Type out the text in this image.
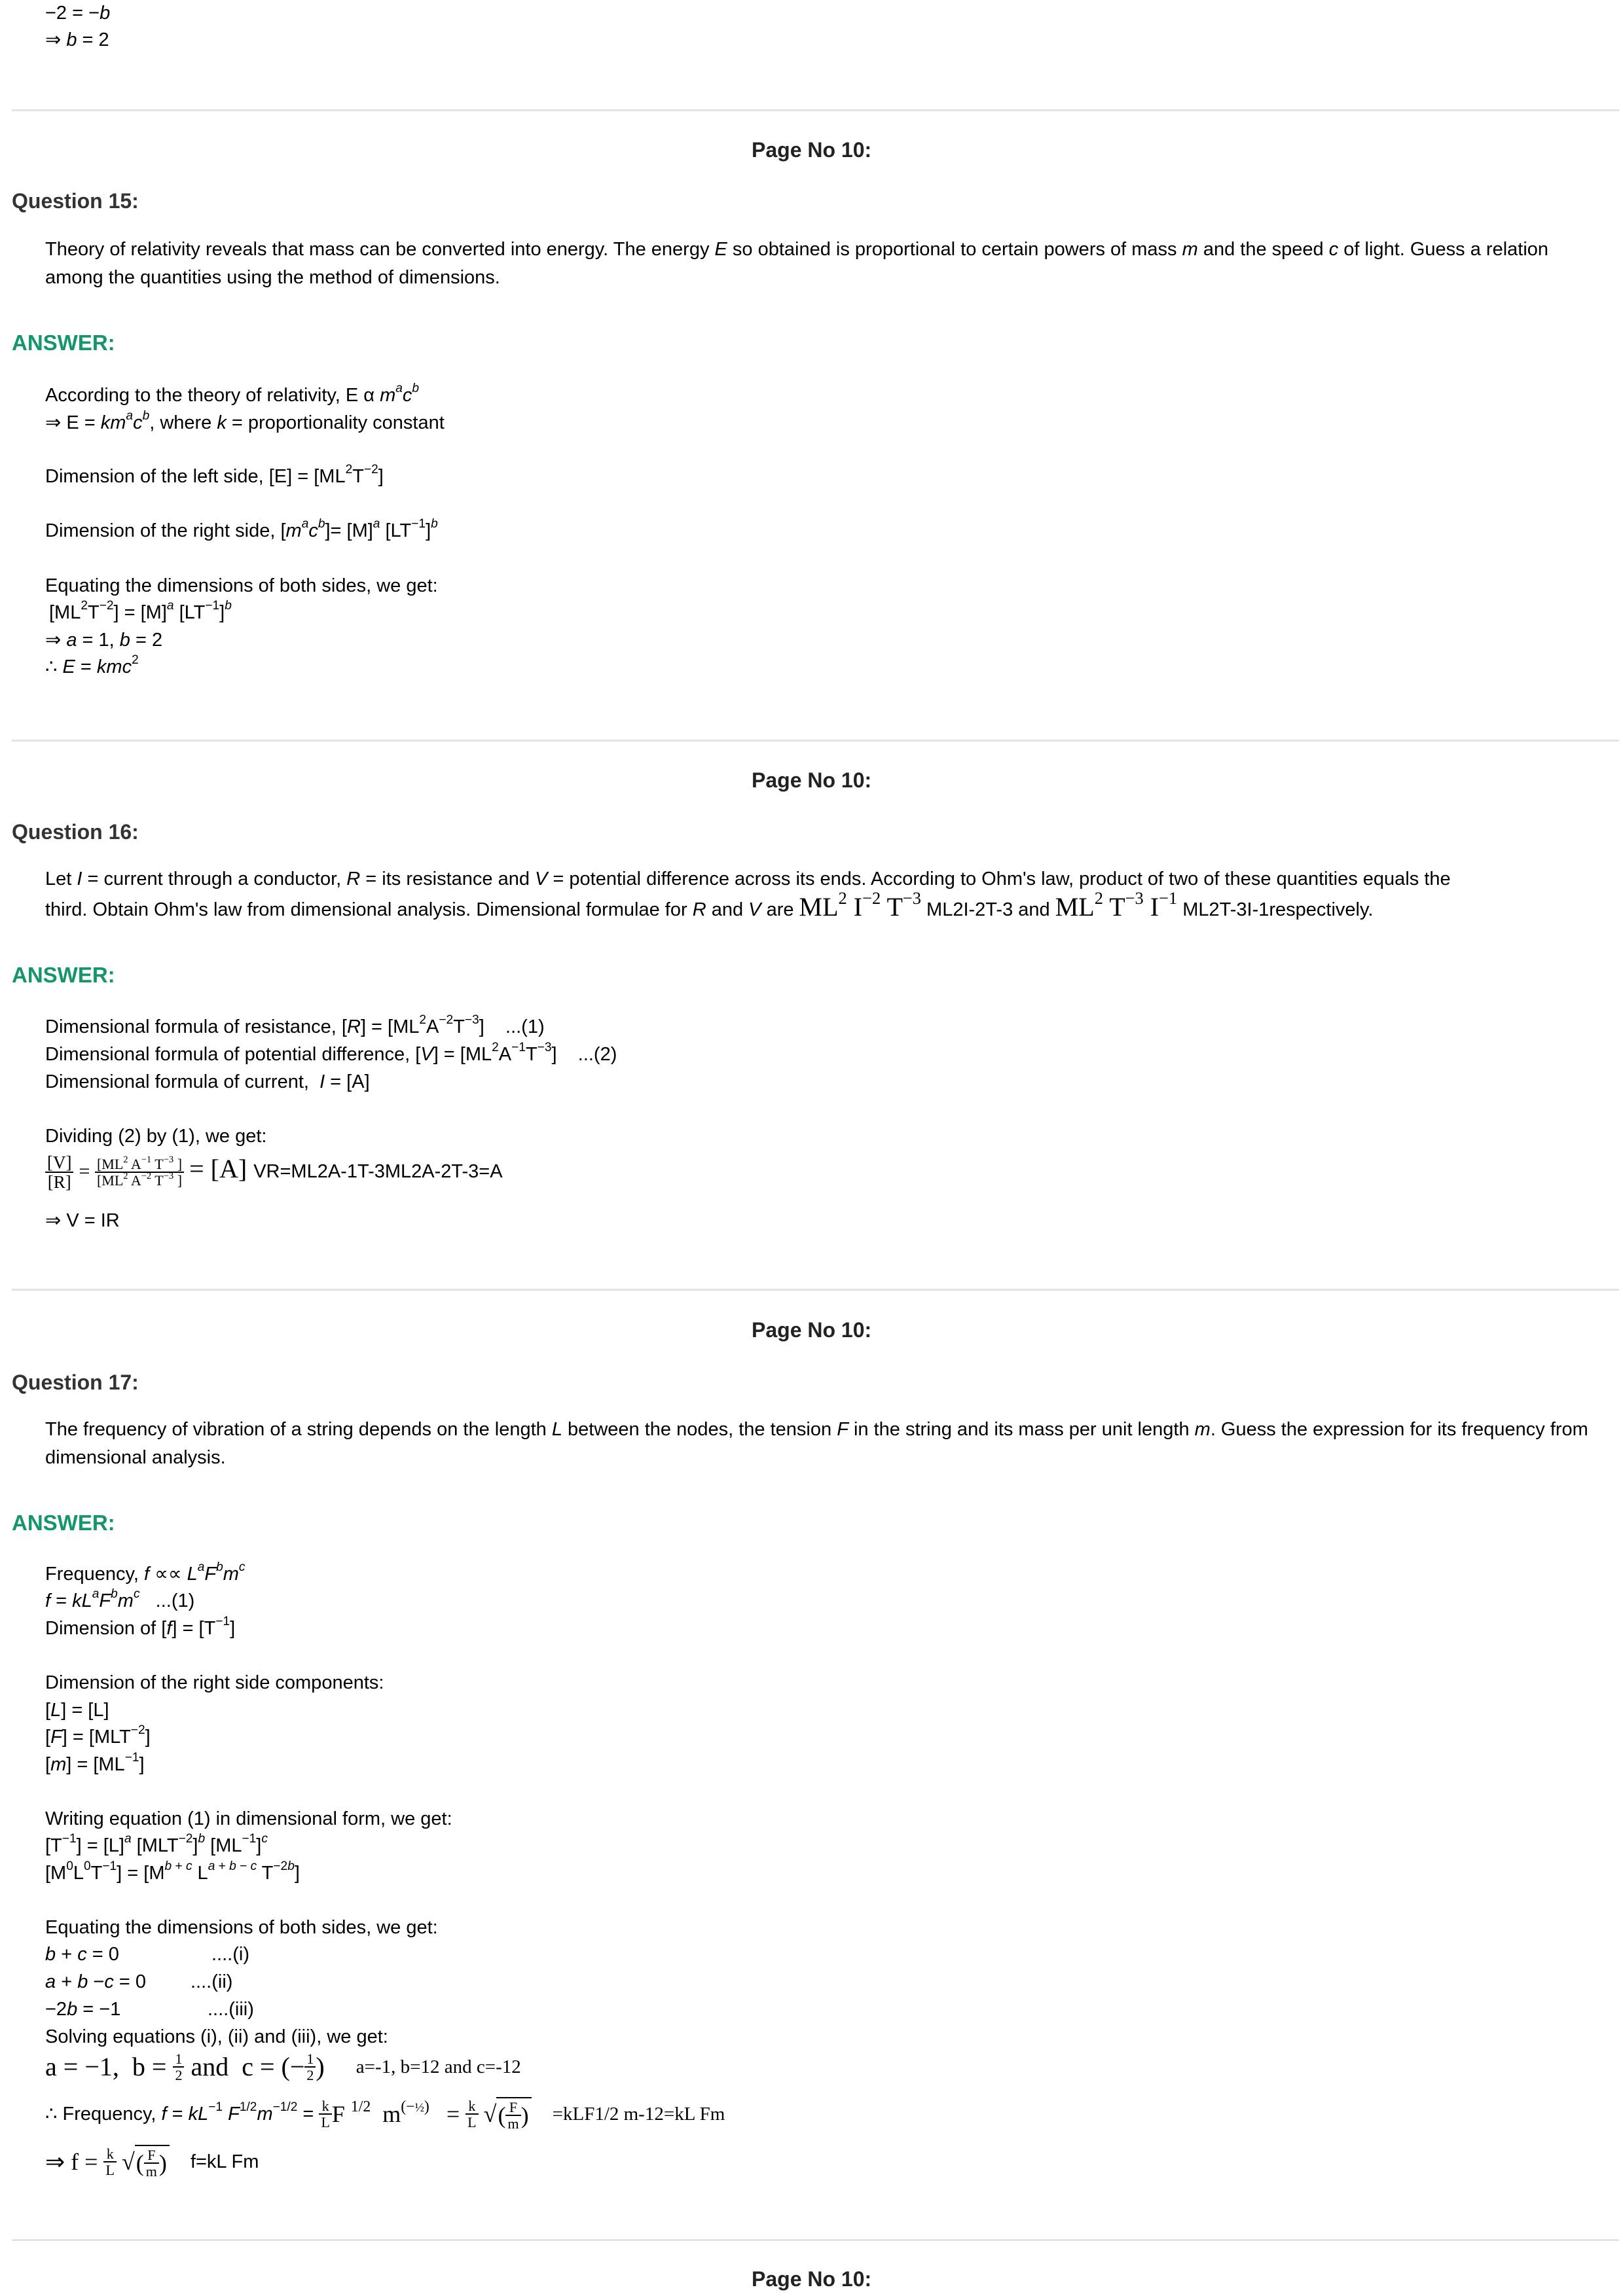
−2 = −b
⇒ b = 2
Page No 10:
Question 15:
Theory of relativity reveals that mass can be converted into energy. The energy E so obtained is proportional to certain powers of mass m and the speed c of light. Guess a relation among the quantities using the method of dimensions.
ANSWER:
According to the theory of relativity, E α $m^ac^b$
⇒ $E = km^ac^b$, where k = proportionality constant
Dimension of the left side, $[E] = [ML^2T^{-2}]$
Dimension of the right side, $[m^ac^b]= [M]^a$ $[LT^{-1}]^b$
Equating the dimensions of both sides, we get:
$[ML^2T^{-2}] = [M]^a$ $[LT^{-1}]^b$
⇒ a = 1, b = 2
∴ E = kmc$^2$
Page No 10:
Question 16:
Let I = current through a conductor, R = its resistance and V = potential difference across its ends. According to Ohm's law, product of two of these quantities equals the
third. Obtain Ohm's law from dimensional analysis. Dimensional formulae for R and V are $ML^2$ $I^{-2}$ $T^{-3}$ ML2I-2T-3 and $ML^2$ $T^{-3}$ $I^{-1}$ ML2T-3I-1respectively.
ANSWER:
Dimensional formula of resistance, $[R] = [ML^2A^{-2}T^{-3}]$    ...(1)
Dimensional formula of potential difference, $[V] = [ML^2A^{-1}T^{-3}]$    ...(2)
Dimensional formula of current,  I = [A]
Dividing (2) by (1), we get:
$\frac{[V]}{[R]} = \frac{[ML^2 A^{-1} T^{-3} ]}{[ML^2 A^{-2} T^{-3} ]} = [A]$ VR=ML2A-1T-3ML2A-2T-3=A
⇒ V = IR
Page No 10:
Question 17:
The frequency of vibration of a string depends on the length L between the nodes, the tension F in the string and its mass per unit length m. Guess the expression for its frequency from dimensional analysis.
ANSWER:
Frequency, $f \propto\propto L^aF^bm^c$
$f = kL^aF^bm^c$ ...(1)
Dimension of $[f] = [T^{-1}]$
Dimension of the right side components:
[L] = [L]
$[F] = [MLT^{-2}]$
$[m] = [ML^{-1}]$
Writing equation (1) in dimensional form, we get:
$[T^{-1}] = [L]^a$ $[MLT^{-2}]^b$ $[ML^{-1}]^c$
$[M^0L^0T^{-1}] = [M^{b + c}$ $L^{a + b - c}$ $T^{-2b}$]
Equating the dimensions of both sides, we get:
b + c = 0	....(i)
a + b −c = 0 ....(ii)
−2b = −1	....(iii)
Solving equations (i), (ii) and (iii), we get:
a = −1,  $b = \frac{1}{2}$ and  c = (− $\frac{1}{2}$ ) a=-1, b=12 and c=-12
∴ Frequency, $f = kL^{-1}$ $F^{1/2}m^{-1/2} = \frac{k}{L}$ F $^{1/2}$  $m^{(-\frac{1}{2})} = \frac{k}{L}$ √( $\frac{F}{m}$ ) =kLF1/2 m-12=kL Fm
⇒ $f = \frac{k}{L}$ √( $\frac{F}{m}$ ) f=kL Fm
Page No 10:
